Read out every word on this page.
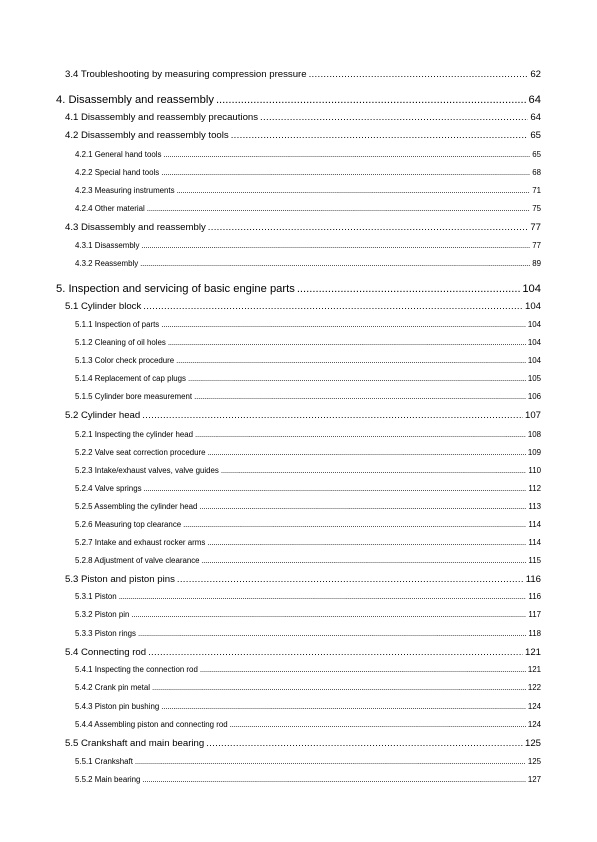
3.4 Troubleshooting by measuring compression pressure .....	62
4. Disassembly and reassembly .....	64
4.1 Disassembly and reassembly precautions .....	64
4.2 Disassembly and reassembly tools .....	65
4.2.1 General hand tools .....	65
4.2.2 Special hand tools .....	68
4.2.3 Measuring instruments .....	71
4.2.4 Other material .....	75
4.3 Disassembly and reassembly .....	77
4.3.1 Disassembly .....	77
4.3.2 Reassembly .....	89
5. Inspection and servicing of basic engine parts .....	104
5.1 Cylinder block .....	104
5.1.1 Inspection of parts .....	104
5.1.2 Cleaning of oil holes .....	104
5.1.3 Color check procedure .....	104
5.1.4 Replacement of cap plugs .....	105
5.1.5 Cylinder bore measurement .....	106
5.2 Cylinder head .....	107
5.2.1 Inspecting the cylinder head .....	108
5.2.2 Valve seat correction procedure .....	109
5.2.3 Intake/exhaust valves, valve guides .....	110
5.2.4 Valve springs .....	112
5.2.5 Assembling the cylinder head .....	113
5.2.6 Measuring top clearance .....	114
5.2.7 Intake and exhaust rocker arms .....	114
5.2.8 Adjustment of valve clearance .....	115
5.3 Piston and piston pins .....	116
5.3.1 Piston .....	116
5.3.2 Piston pin .....	117
5.3.3 Piston rings .....	118
5.4 Connecting rod .....	121
5.4.1 Inspecting the connection rod .....	121
5.4.2 Crank pin metal .....	122
5.4.3 Piston pin bushing .....	124
5.4.4 Assembling piston and connecting rod .....	124
5.5 Crankshaft and main bearing .....	125
5.5.1 Crankshaft .....	125
5.5.2 Main bearing .....	127
